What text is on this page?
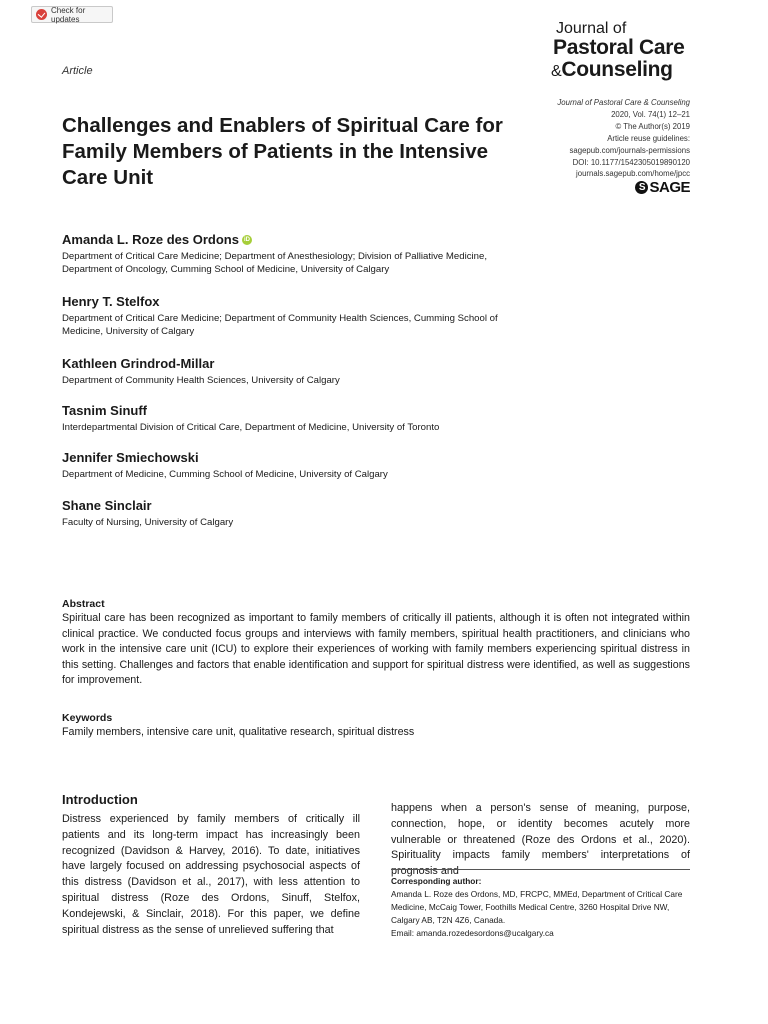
Check for updates
Article
Journal of
Pastoral Care
&Counseling
Journal of Pastoral Care & Counseling
2020, Vol. 74(1) 12–21
© The Author(s) 2019
Article reuse guidelines:
sagepub.com/journals-permissions
DOI: 10.1177/1542305019890120
journals.sagepub.com/home/jpcc
S SAGE
Challenges and Enablers of Spiritual Care for Family Members of Patients in the Intensive Care Unit
Amanda L. Roze des Ordons iD
Department of Critical Care Medicine; Department of Anesthesiology; Division of Palliative Medicine, Department of Oncology, Cumming School of Medicine, University of Calgary
Henry T. Stelfox
Department of Critical Care Medicine; Department of Community Health Sciences, Cumming School of Medicine, University of Calgary
Kathleen Grindrod-Millar
Department of Community Health Sciences, University of Calgary
Tasnim Sinuff
Interdepartmental Division of Critical Care, Department of Medicine, University of Toronto
Jennifer Smiechowski
Department of Medicine, Cumming School of Medicine, University of Calgary
Shane Sinclair
Faculty of Nursing, University of Calgary
Abstract
Spiritual care has been recognized as important to family members of critically ill patients, although it is often not integrated within clinical practice. We conducted focus groups and interviews with family members, spiritual health practitioners, and clinicians who work in the intensive care unit (ICU) to explore their experiences of working with family members experiencing spiritual distress in this setting. Challenges and factors that enable identification and support for spiritual distress were identified, as well as suggestions for improvement.
Keywords
Family members, intensive care unit, qualitative research, spiritual distress
Introduction
Distress experienced by family members of critically ill patients and its long-term impact has increasingly been recognized (Davidson & Harvey, 2016). To date, initiatives have largely focused on addressing psychosocial aspects of this distress (Davidson et al., 2017), with less attention to spiritual distress (Roze des Ordons, Sinuff, Stelfox, Kondejewski, & Sinclair, 2018). For this paper, we define spiritual distress as the sense of unrelieved suffering that
happens when a person's sense of meaning, purpose, connection, hope, or identity becomes acutely more vulnerable or threatened (Roze des Ordons et al., 2020). Spirituality impacts family members' interpretations of prognosis and
Corresponding author:
Amanda L. Roze des Ordons, MD, FRCPC, MMEd, Department of Critical Care Medicine, McCaig Tower, Foothills Medical Centre, 3260 Hospital Drive NW, Calgary AB, T2N 4Z6, Canada.
Email: amanda.rozedesordons@ucalgary.ca
